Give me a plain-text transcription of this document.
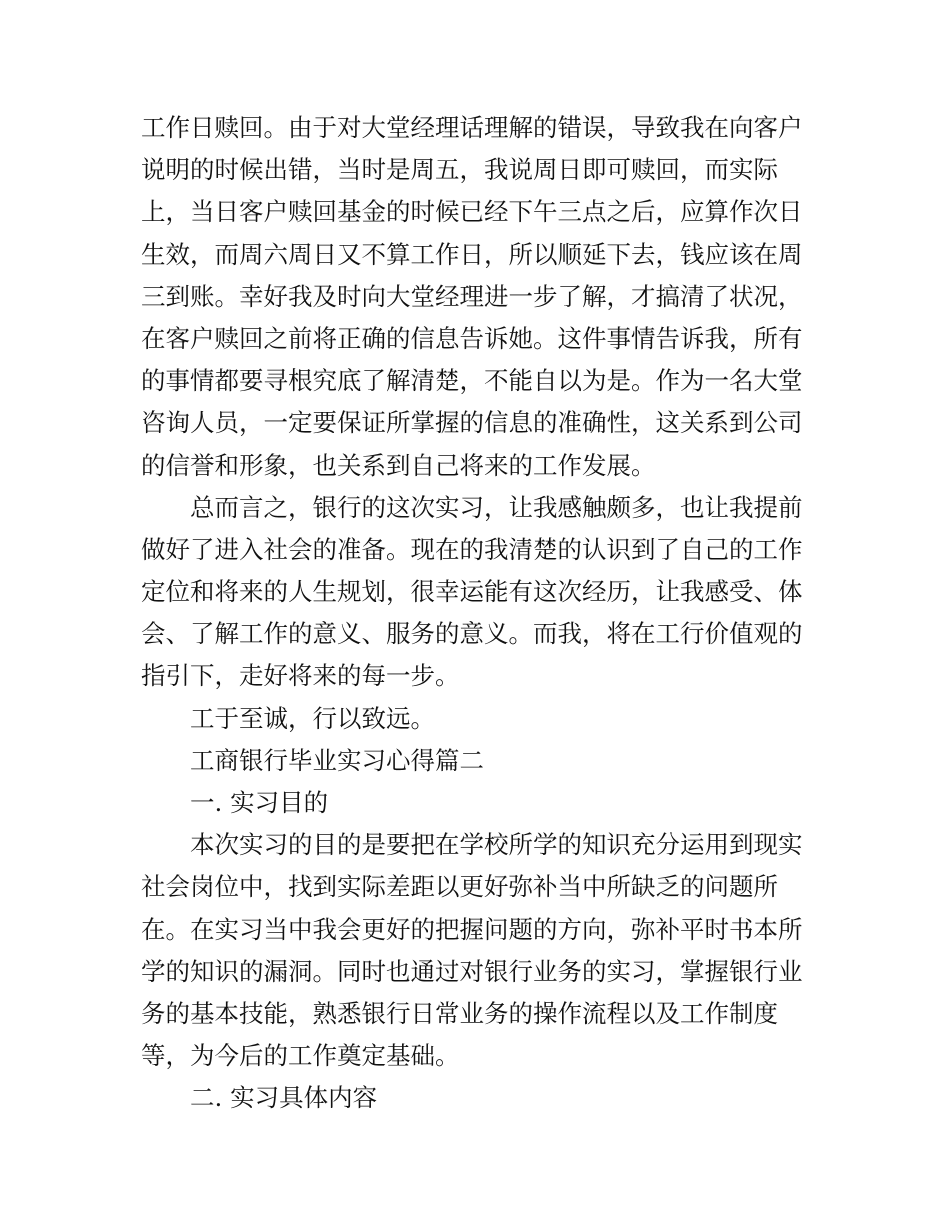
工作日赎回。由于对大堂经理话理解的错误，导致我在向客户
说明的时候出错，当时是周五，我说周日即可赎回，而实际
上，当日客户赎回基金的时候已经下午三点之后，应算作次日
生效，而周六周日又不算工作日，所以顺延下去，钱应该在周
三到账。幸好我及时向大堂经理进一步了解，才搞清了状况，
在客户赎回之前将正确的信息告诉她。这件事情告诉我，所有
的事情都要寻根究底了解清楚，不能自以为是。作为一名大堂
咨询人员，一定要保证所掌握的信息的准确性，这关系到公司
的信誉和形象，也关系到自己将来的工作发展。
总而言之，银行的这次实习，让我感触颇多，也让我提前
做好了进入社会的准备。现在的我清楚的认识到了自己的工作
定位和将来的人生规划，很幸运能有这次经历，让我感受、体
会、了解工作的意义、服务的意义。而我，将在工行价值观的
指引下，走好将来的每一步。
工于至诚，行以致远。
工商银行毕业实习心得篇二
一. 实习目的
本次实习的目的是要把在学校所学的知识充分运用到现实
社会岗位中，找到实际差距以更好弥补当中所缺乏的问题所
在。在实习当中我会更好的把握问题的方向，弥补平时书本所
学的知识的漏洞。同时也通过对银行业务的实习，掌握银行业
务的基本技能，熟悉银行日常业务的操作流程以及工作制度
等，为今后的工作奠定基础。
二. 实习具体内容
